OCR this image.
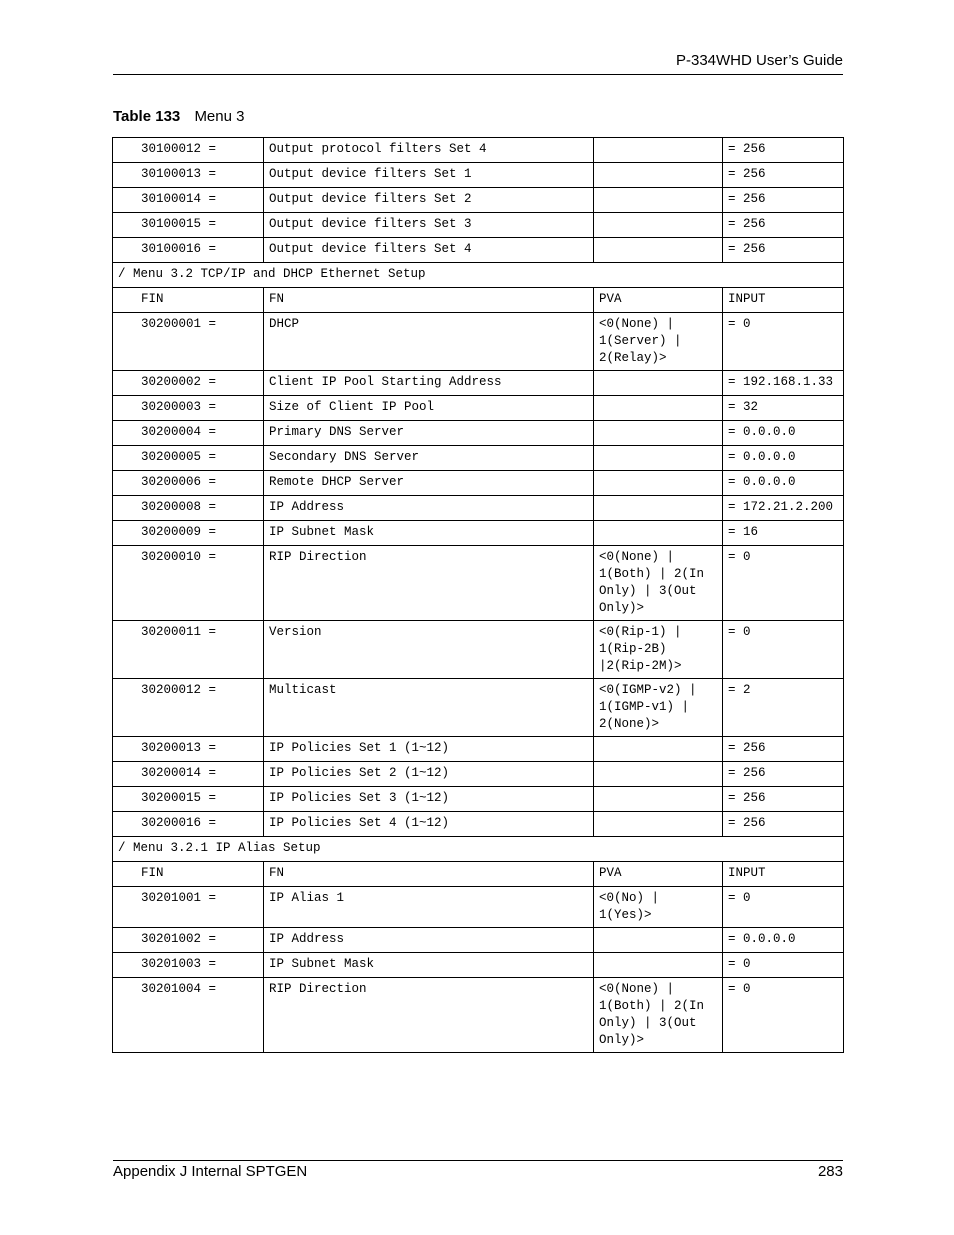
P-334WHD User’s Guide
Table 133 Menu 3
30100012 =	Output protocol filters Set 4		= 256
30100013 =	Output device filters Set 1		= 256
30100014 =	Output device filters Set 2		= 256
30100015 =	Output device filters Set 3		= 256
30100016 =	Output device filters Set 4		= 256
/ Menu 3.2 TCP/IP and DHCP Ethernet Setup			
FIN	FN	PVA	INPUT
30200001 =	DHCP	<0(None) | 1(Server) | 2(Relay)>	= 0
30200002 =	Client IP Pool Starting Address		= 192.168.1.33
30200003 =	Size of Client IP Pool		= 32
30200004 =	Primary DNS Server		= 0.0.0.0
30200005 =	Secondary DNS Server		= 0.0.0.0
30200006 =	Remote DHCP Server		= 0.0.0.0
30200008 =	IP Address		= 172.21.2.200
30200009 =	IP Subnet Mask		= 16
30200010 =	RIP Direction	<0(None) | 1(Both) | 2(In Only) | 3(Out Only)>	= 0
30200011 =	Version	<0(Rip-1) | 1(Rip-2B) |2(Rip-2M)>	= 0
30200012 =	Multicast	<0(IGMP-v2) | 1(IGMP-v1) | 2(None)>	= 2
30200013 =	IP Policies Set 1 (1~12)		= 256
30200014 =	IP Policies Set 2 (1~12)		= 256
30200015 =	IP Policies Set 3 (1~12)		= 256
30200016 =	IP Policies Set 4 (1~12)		= 256
/ Menu 3.2.1 IP Alias Setup			
FIN	FN	PVA	INPUT
30201001 =	IP Alias 1	<0(No) | 1(Yes)>	= 0
30201002 =	IP Address		= 0.0.0.0
30201003 =	IP Subnet Mask		= 0
30201004 =	RIP Direction	<0(None) | 1(Both) | 2(In Only) | 3(Out Only)>	= 0
Appendix J Internal SPTGEN	283
